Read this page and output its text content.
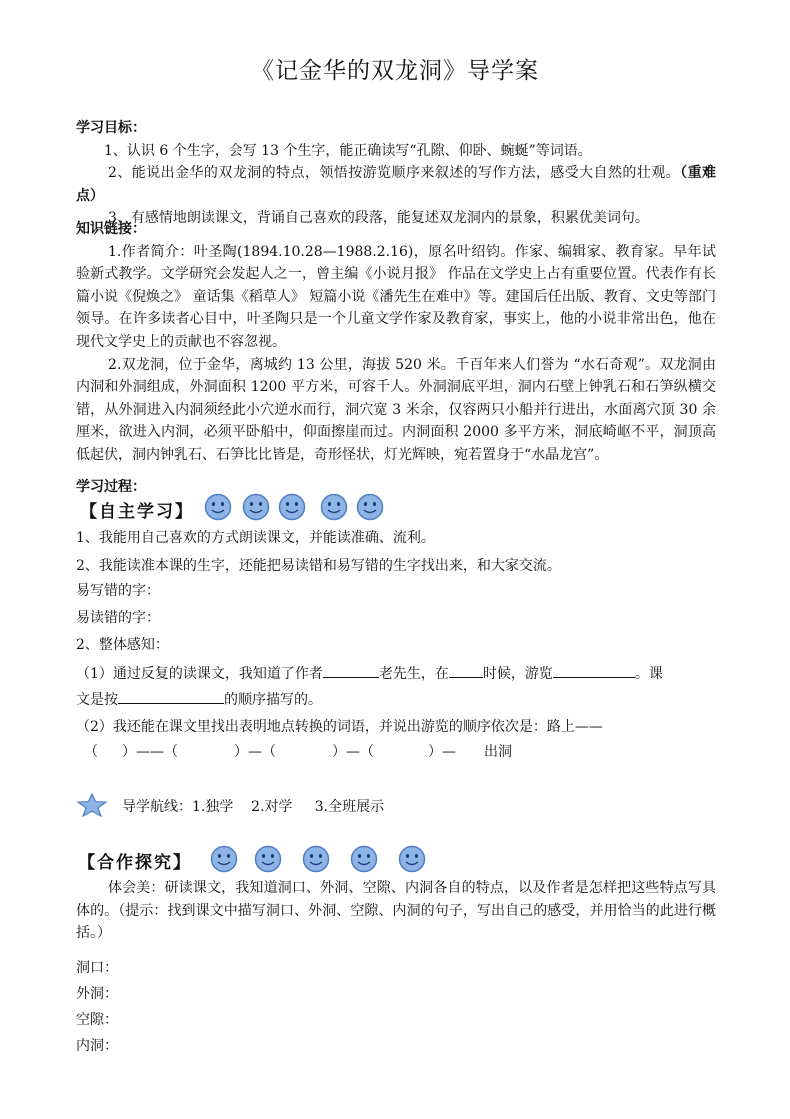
《记金华的双龙洞》导学案
学习目标：
1、认识 6 个生字，会写 13 个生字，能正确读写“孔隙、仰卧、蜿蜒”等词语。
2、能说出金华的双龙洞的特点，领悟按游览顺序来叙述的写作方法，感受大自然的壮观。（重难点）
3、有感情地朗读课文，背诵自己喜欢的段落，能复述双龙洞内的景象，积累优美词句。
知识链接：
1.作者简介：叶圣陶(1894.10.28—1988.2.16)，原名叶绍钧。作家、编辑家、教育家。早年试验新式教学。文学研究会发起人之一，曾主编《小说月报》 作品在文学史上占有重要位置。代表作有长篇小说《倪焕之》 童话集《稻草人》 短篇小说《潘先生在难中》等。建国后任出版、教育、文史等部门领导。在许多读者心目中，叶圣陶只是一个儿童文学作家及教育家，事实上，他的小说非常出色，他在现代文学史上的贡献也不容忽视。
2.双龙洞，位于金华，离城约 13 公里，海拔 520 米。千百年来人们誉为 “水石奇观”。双龙洞由内洞和外洞组成，外洞面积 1200 平方米，可容千人。外洞洞底平坦，洞内石壁上钟乳石和石笋纵横交错，从外洞进入内洞须经此小穴逆水而行，洞穴宽 3 米余，仅容两只小船并行进出，水面离穴顶 30 余厘米，欲进入内洞，必须平卧船中，仰面擦崖而过。内洞面积 2000 多平方米，洞底崎岖不平，洞顶高低起伏，洞内钟乳石、石笋比比皆是，奇形怪状，灯光辉映，宛若置身于“水晶龙宫”。
学习过程：
【自主学习】
1、我能用自己喜欢的方式朗读课文，并能读准确、流利。
2、我能读准本课的生字，还能把易读错和易写错的生字找出来，和大家交流。
易写错的字：
易读错的字：
2、整体感知：
（1）通过反复的读课文，我知道了作者	老先生，在 时候，游览	。课
文是按	的顺序描写的。
（2）我还能在课文里找出表明地点转换的词语，并说出游览的顺序依次是：路上——
（ ）——（	）—（	）—（	）— 出洞
导学航线：1.独学    2.对学     3.全班展示
【合作探究】
体会美：研读课文，我知道洞口、外洞、空隙、内洞各自的特点，以及作者是怎样把这些特点写具体的。（提示：找到课文中描写洞口、外洞、空隙、内洞的句子，写出自己的感受，并用恰当的此进行概括。）
洞口：
外洞：
空隙：
内洞：
